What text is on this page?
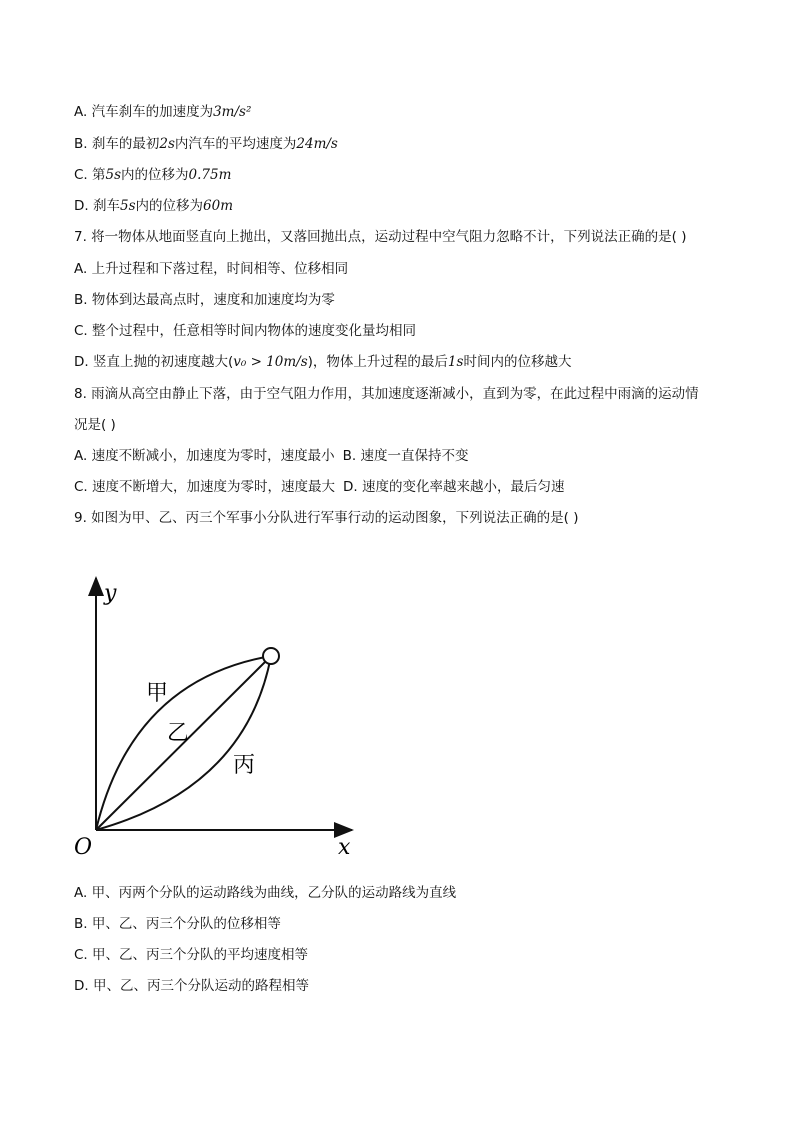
A. 汽车刹车的加速度为3m/s²
B. 刹车的最初2s内汽车的平均速度为24m/s
C. 第5s内的位移为0.75m
D. 刹车5s内的位移为60m
7. 将一物体从地面竖直向上抛出，又落回抛出点，运动过程中空气阻力忽略不计，下列说法正确的是( )
A. 上升过程和下落过程，时间相等、位移相同
B. 物体到达最高点时，速度和加速度均为零
C. 整个过程中，任意相等时间内物体的速度变化量均相同
D. 竖直上抛的初速度越大(v₀ > 10m/s)，物体上升过程的最后1s时间内的位移越大
8. 雨滴从高空由静止下落，由于空气阻力作用，其加速度逐渐减小，直到为零，在此过程中雨滴的运动情
况是( )
A. 速度不断减小，加速度为零时，速度最小 B. 速度一直保持不变
C. 速度不断增大，加速度为零时，速度最大 D. 速度的变化率越来越小，最后匀速
9. 如图为甲、乙、丙三个军事小分队进行军事行动的运动图象，下列说法正确的是( )
y
x
O
甲
乙
丙
A. 甲、丙两个分队的运动路线为曲线，乙分队的运动路线为直线
B. 甲、乙、丙三个分队的位移相等
C. 甲、乙、丙三个分队的平均速度相等
D. 甲、乙、丙三个分队运动的路程相等
